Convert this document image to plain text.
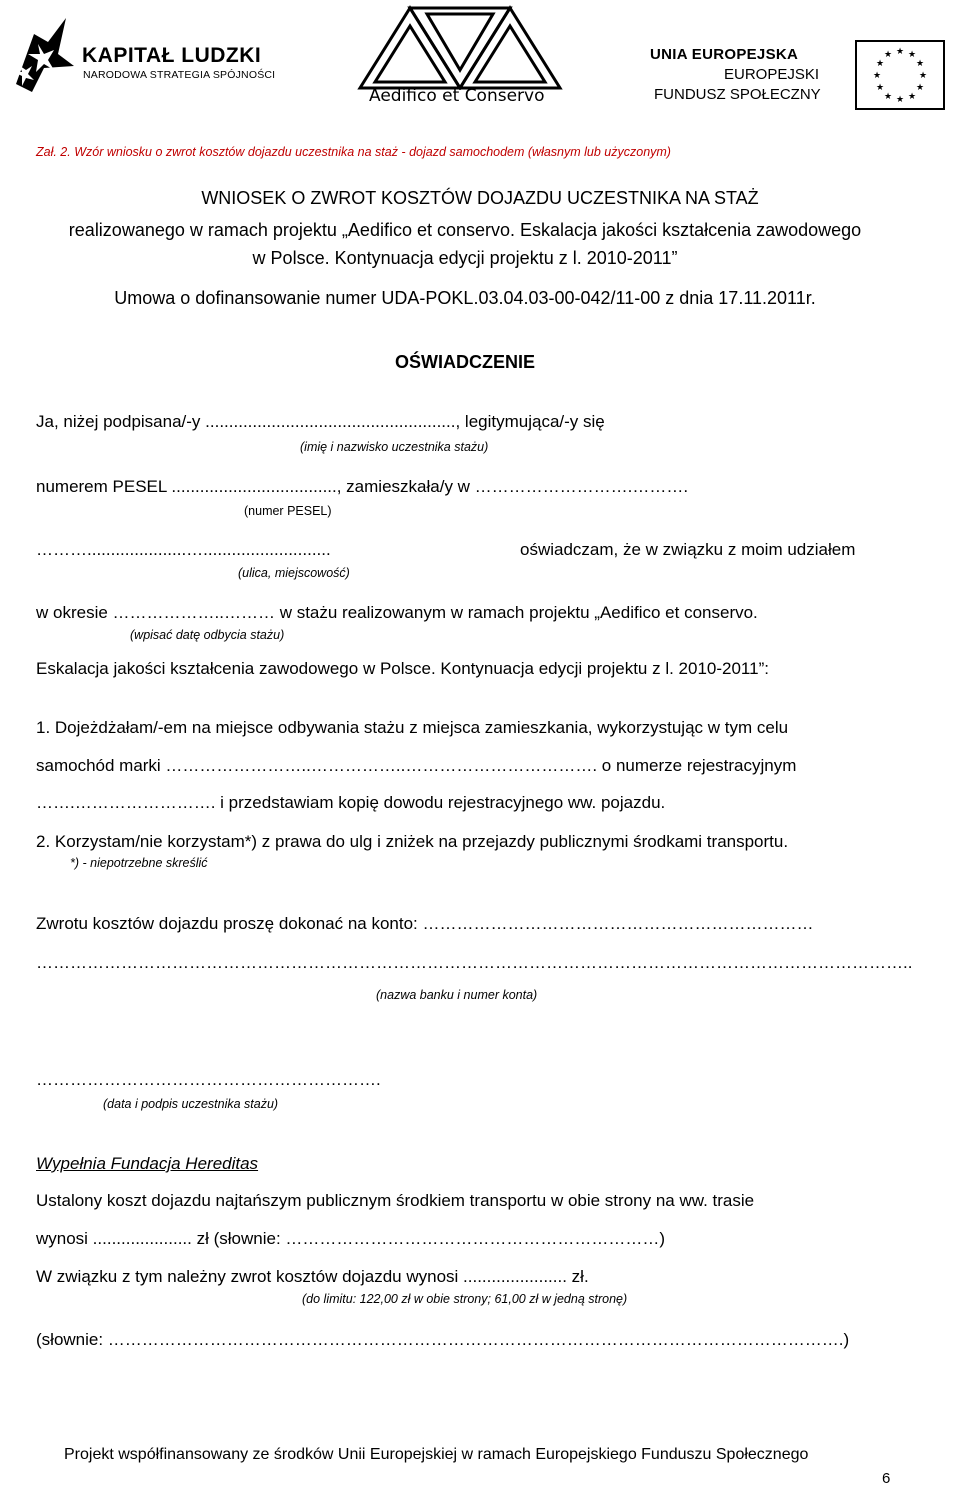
KAPITAŁ LUDZKI
NARODOWA STRATEGIA SPÓJNOŚCI
Aedifico et Conservo
UNIA EUROPEJSKA
EUROPEJSKI
FUNDUSZ SPOŁECZNY
★ ★
★
★
★
★
★
★
★
★
★
★
Zał. 2. Wzór wniosku o zwrot kosztów dojazdu uczestnika na staż - dojazd samochodem (własnym lub użyczonym)
WNIOSEK O ZWROT KOSZTÓW DOJAZDU UCZESTNIKA NA STAŻ
realizowanego w ramach projektu „Aedifico et conservo. Eskalacja jakości kształcenia zawodowego
w Polsce. Kontynuacja edycji projektu z l. 2010-2011”
Umowa o dofinansowanie numer UDA-POKL.03.04.03-00-042/11-00 z dnia 17.11.2011r.
OŚWIADCZENIE
Ja, niżej podpisana/-y ....................................................., legitymująca/-y się
(imię i nazwisko uczestnika stażu)
numerem PESEL ..................................., zamieszkała/y w ……………………….……….
(numer PESEL)
……….....................…...........................	oświadczam, że w związku z moim udziałem
(ulica, miejscowość)
w okresie ………………..……… w stażu realizowanym w ramach projektu „Aedifico et conservo.
(wpisać datę odbycia stażu)
Eskalacja jakości kształcenia zawodowego w Polsce. Kontynuacja edycji projektu z l. 2010-2011”:
1. Dojeżdżałam/-em na miejsce odbywania stażu z miejsca zamieszkania, wykorzystując w tym celu
samochód marki ……………………..……………..……………………………. o numerze rejestracyjnym
…….……………………. i przedstawiam kopię dowodu rejestracyjnego ww. pojazdu.
2. Korzystam/nie korzystam*) z prawa do ulg i zniżek na przejazdy publicznymi środkami transportu.
*) - niepotrzebne skreślić
Zwrotu kosztów dojazdu proszę dokonać na konto: ……………………………………………………………
………………………………………………………………………………………………………………………………………..
(nazwa banku i numer konta)
…………………………………………………….
(data i podpis uczestnika stażu)
Wypełnia Fundacja Hereditas
Ustalony koszt dojazdu najtańszym publicznym środkiem transportu w obie strony na ww. trasie
wynosi ..................... zł (słownie: …………………………………………………………)
W związku z tym należny zwrot kosztów dojazdu wynosi ...................... zł.
(do limitu: 122,00 zł w obie strony; 61,00 zł w jedną stronę)
(słownie: ………………………………………………………………………………………………………………….)
Projekt współfinansowany ze środków Unii Europejskiej w ramach Europejskiego Funduszu Społecznego
6
